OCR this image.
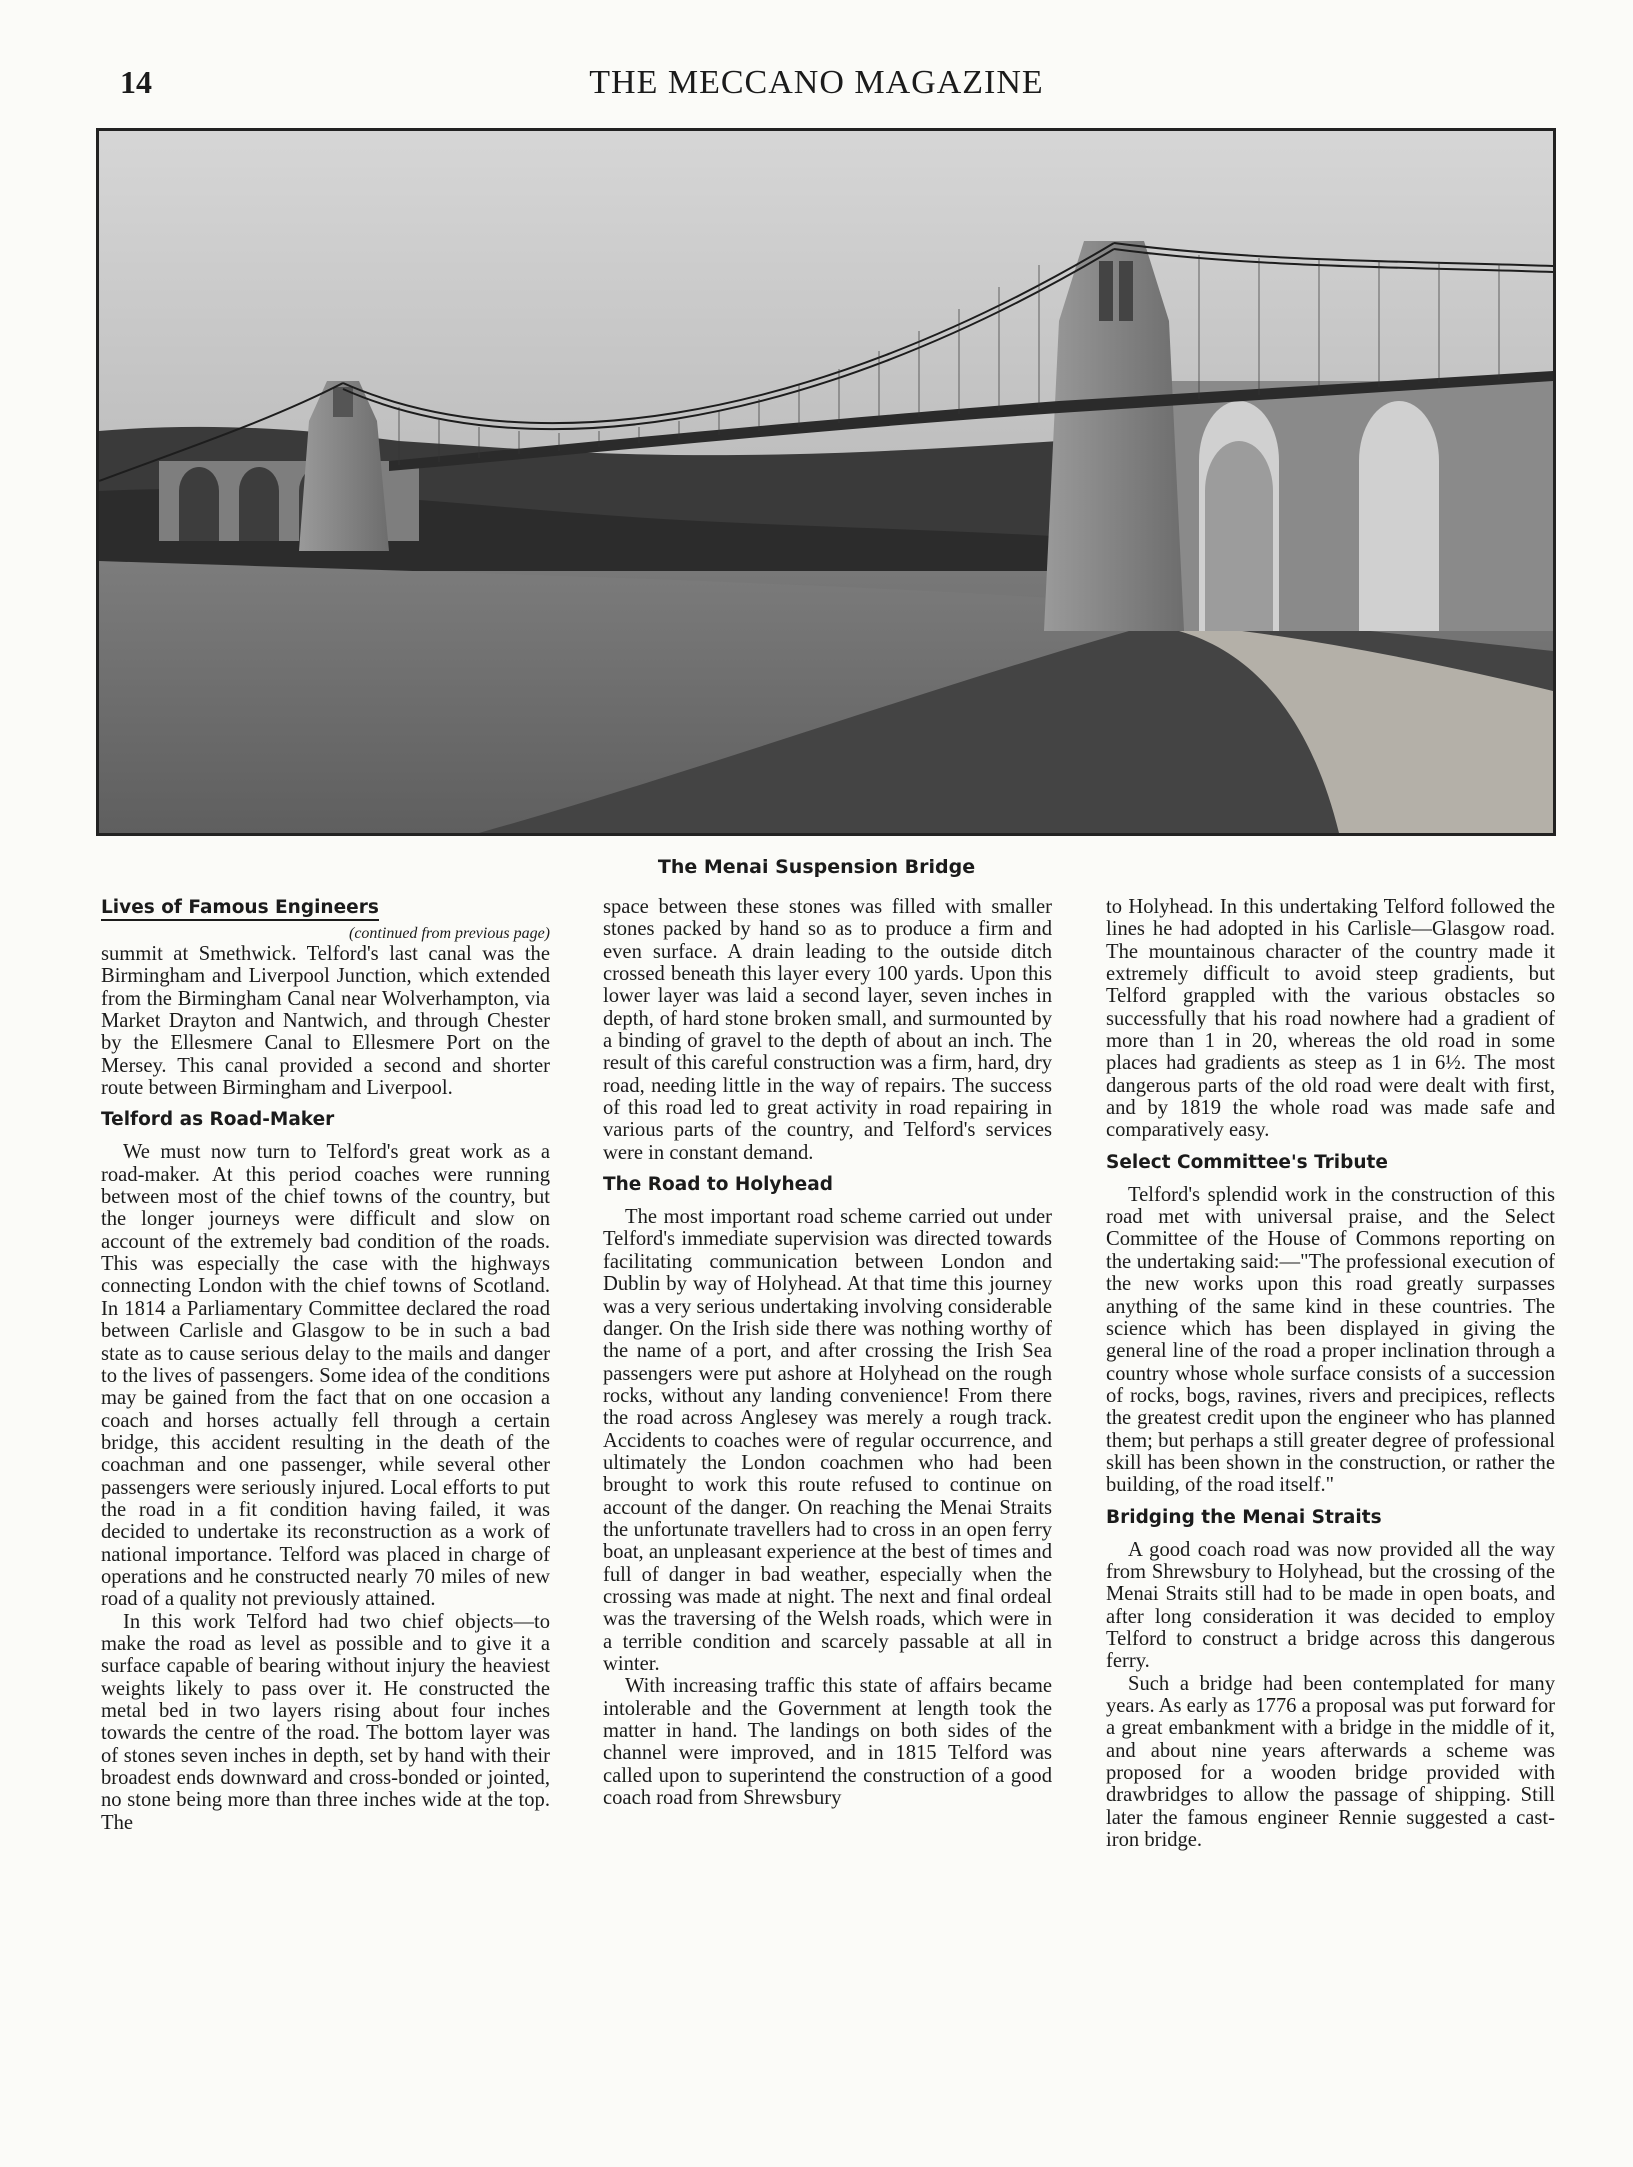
14	THE MECCANO MAGAZINE
The Menai Suspension Bridge
Lives of Famous Engineers
(continued from previous page)

summit at Smethwick. Telford's last canal was the Birmingham and Liverpool Junction, which extended from the Birmingham Canal near Wolverhampton, via Market Drayton and Nantwich, and through Chester by the Ellesmere Canal to Ellesmere Port on the Mersey. This canal provided a second and shorter route between Birmingham and Liverpool.

Telford as Road-Maker

We must now turn to Telford's great work as a road-maker. At this period coaches were running between most of the chief towns of the country, but the longer journeys were difficult and slow on account of the extremely bad condition of the roads. This was especially the case with the highways connecting London with the chief towns of Scotland. In 1814 a Parliamentary Committee declared the road between Carlisle and Glasgow to be in such a bad state as to cause serious delay to the mails and danger to the lives of passengers. Some idea of the conditions may be gained from the fact that on one occasion a coach and horses actually fell through a certain bridge, this accident resulting in the death of the coachman and one passenger, while several other passengers were seriously injured. Local efforts to put the road in a fit condition having failed, it was decided to undertake its reconstruction as a work of national importance. Telford was placed in charge of operations and he constructed nearly 70 miles of new road of a quality not previously attained.

In this work Telford had two chief objects—to make the road as level as possible and to give it a surface capable of bearing without injury the heaviest weights likely to pass over it. He constructed the metal bed in two layers rising about four inches towards the centre of the road. The bottom layer was of stones seven inches in depth, set by hand with their broadest ends downward and cross-bonded or jointed, no stone being more than three inches wide at the top. The

space between these stones was filled with smaller stones packed by hand so as to produce a firm and even surface. A drain leading to the outside ditch crossed beneath this layer every 100 yards. Upon this lower layer was laid a second layer, seven inches in depth, of hard stone broken small, and surmounted by a binding of gravel to the depth of about an inch. The result of this careful construction was a firm, hard, dry road, needing little in the way of repairs. The success of this road led to great activity in road repairing in various parts of the country, and Telford's services were in constant demand.

The Road to Holyhead

The most important road scheme carried out under Telford's immediate supervision was directed towards facilitating communication between London and Dublin by way of Holyhead. At that time this journey was a very serious undertaking involving considerable danger. On the Irish side there was nothing worthy of the name of a port, and after crossing the Irish Sea passengers were put ashore at Holyhead on the rough rocks, without any landing convenience! From there the road across Anglesey was merely a rough track. Accidents to coaches were of regular occurrence, and ultimately the London coachmen who had been brought to work this route refused to continue on account of the danger. On reaching the Menai Straits the unfortunate travellers had to cross in an open ferry boat, an unpleasant experience at the best of times and full of danger in bad weather, especially when the crossing was made at night. The next and final ordeal was the traversing of the Welsh roads, which were in a terrible condition and scarcely passable at all in winter.

With increasing traffic this state of affairs became intolerable and the Government at length took the matter in hand. The landings on both sides of the channel were improved, and in 1815 Telford was called upon to superintend the construction of a good coach road from Shrewsbury

to Holyhead. In this undertaking Telford followed the lines he had adopted in his Carlisle—Glasgow road. The mountainous character of the country made it extremely difficult to avoid steep gradients, but Telford grappled with the various obstacles so successfully that his road nowhere had a gradient of more than 1 in 20, whereas the old road in some places had gradients as steep as 1 in 6½. The most dangerous parts of the old road were dealt with first, and by 1819 the whole road was made safe and comparatively easy.

Select Committee's Tribute

Telford's splendid work in the construction of this road met with universal praise, and the Select Committee of the House of Commons reporting on the undertaking said:—"The professional execution of the new works upon this road greatly surpasses anything of the same kind in these countries. The science which has been displayed in giving the general line of the road a proper inclination through a country whose whole surface consists of a succession of rocks, bogs, ravines, rivers and precipices, reflects the greatest credit upon the engineer who has planned them; but perhaps a still greater degree of professional skill has been shown in the construction, or rather the building, of the road itself."

Bridging the Menai Straits

A good coach road was now provided all the way from Shrewsbury to Holyhead, but the crossing of the Menai Straits still had to be made in open boats, and after long consideration it was decided to employ Telford to construct a bridge across this dangerous ferry.

Such a bridge had been contemplated for many years. As early as 1776 a proposal was put forward for a great embankment with a bridge in the middle of it, and about nine years afterwards a scheme was proposed for a wooden bridge provided with drawbridges to allow the passage of shipping. Still later the famous engineer Rennie suggested a cast-iron bridge.
